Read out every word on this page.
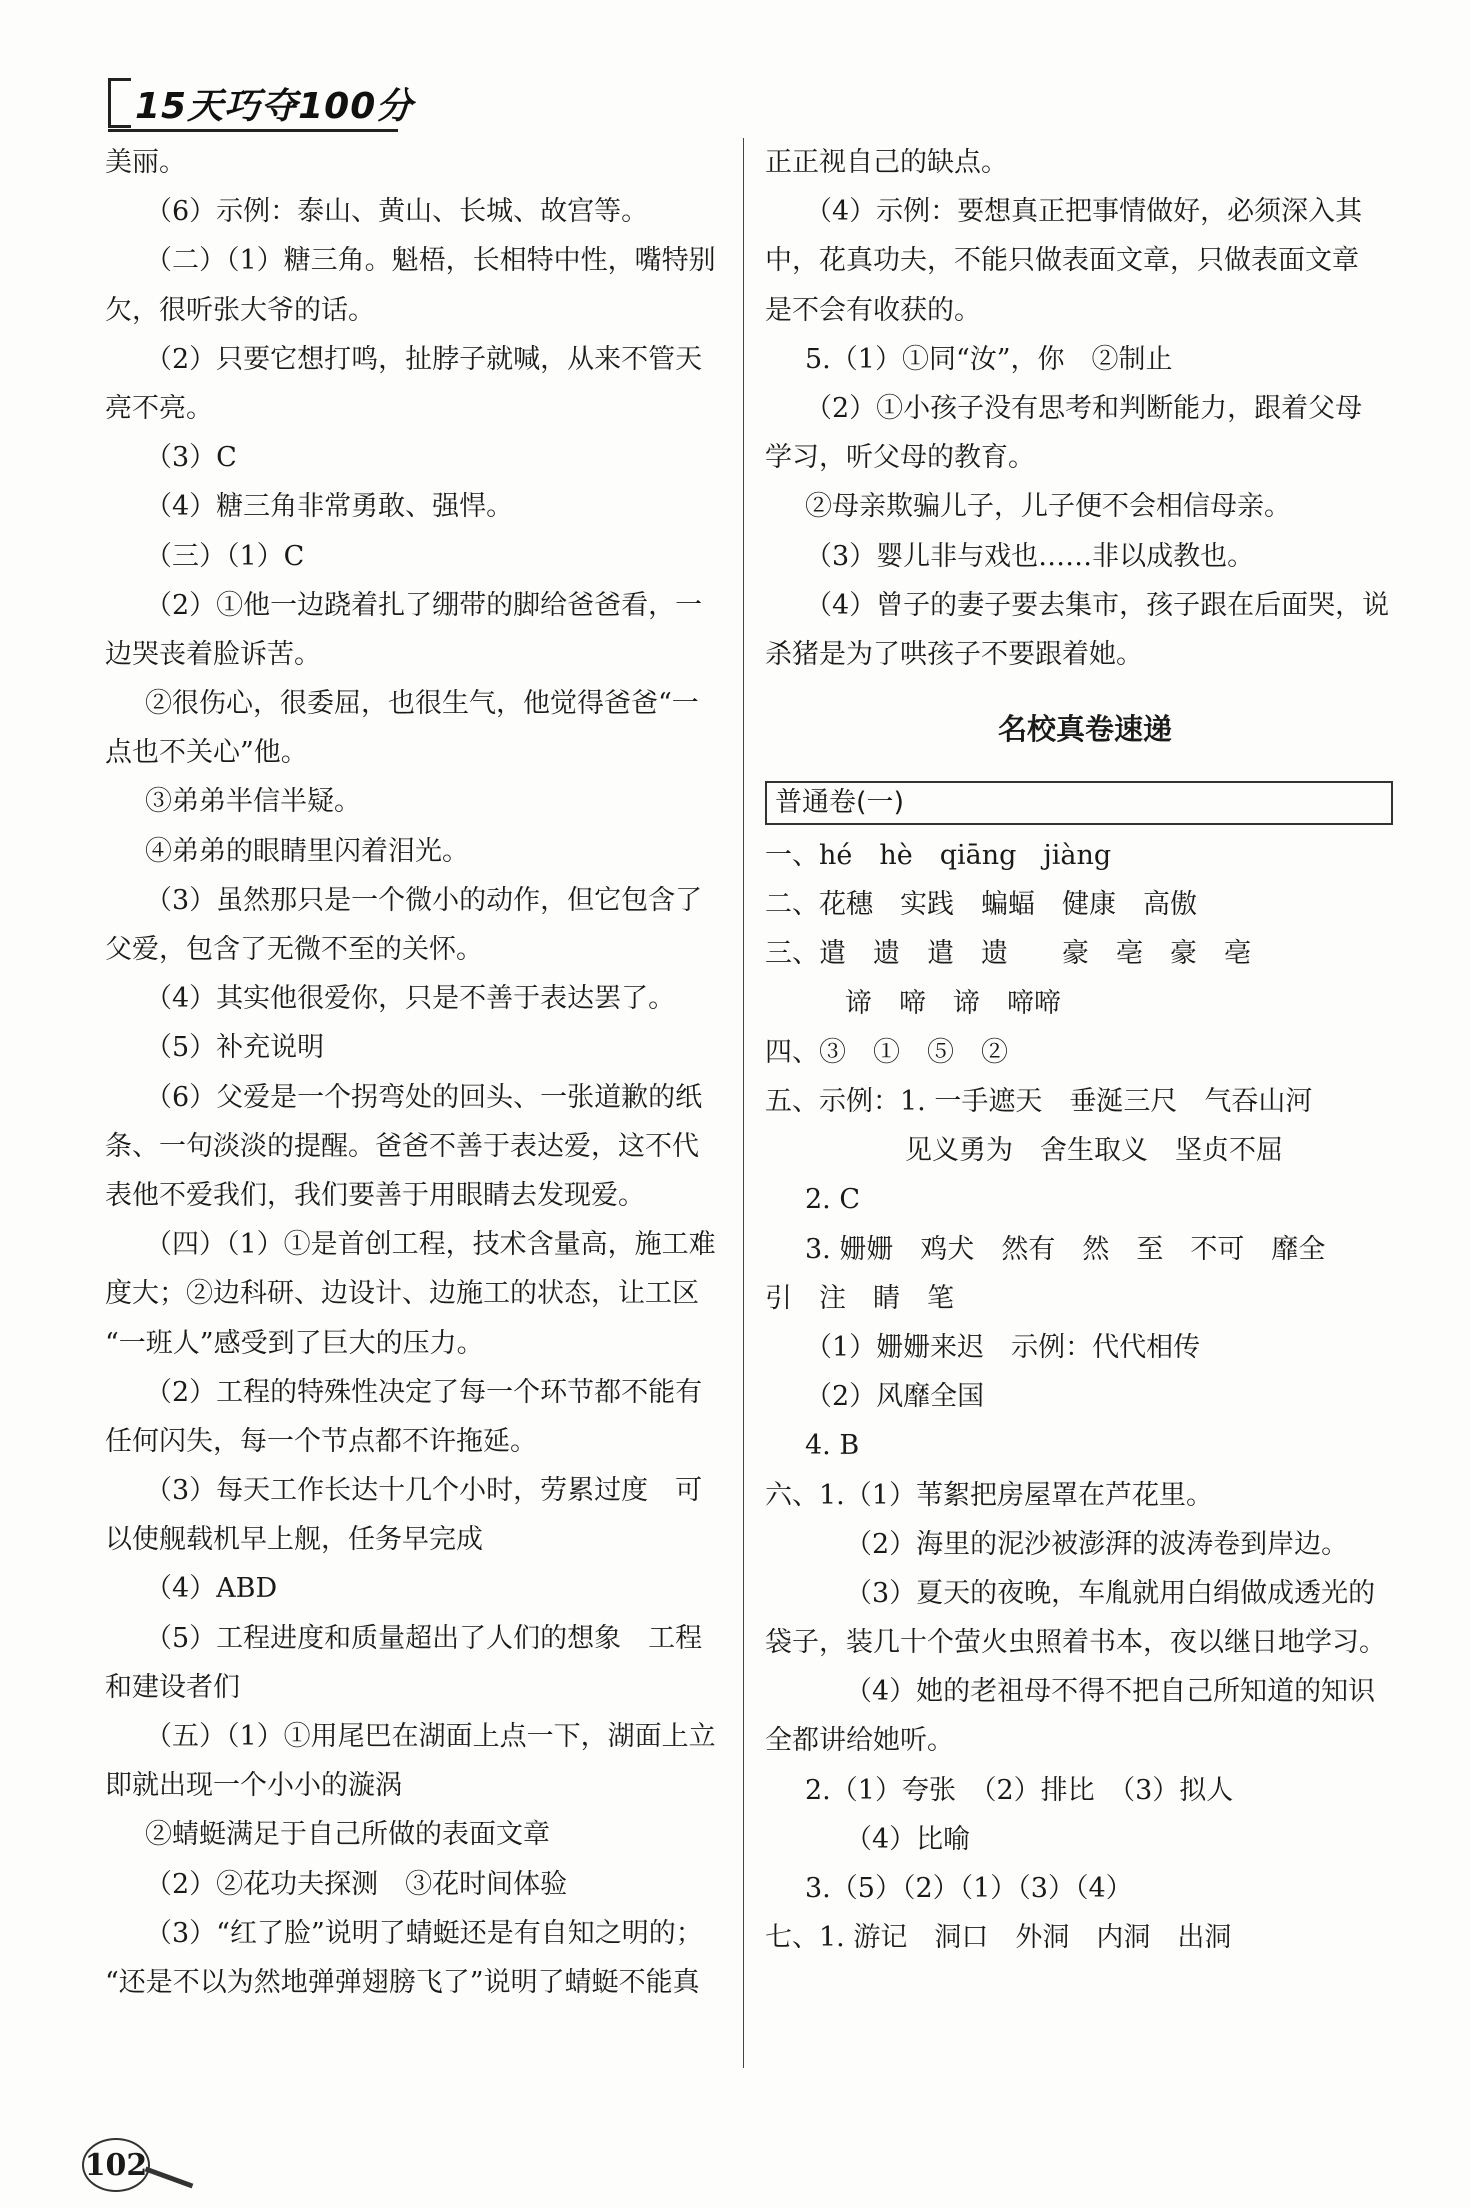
15天巧夺100分
美丽。
（6）示例：泰山、黄山、长城、故宫等。
（二）（1）糖三角。魁梧，长相特中性，嘴特别
欠，很听张大爷的话。
（2）只要它想打鸣，扯脖子就喊，从来不管天
亮不亮。
（3）C
（4）糖三角非常勇敢、强悍。
（三）（1）C
（2）①他一边跷着扎了绷带的脚给爸爸看，一
边哭丧着脸诉苦。
②很伤心，很委屈，也很生气，他觉得爸爸“一
点也不关心”他。
③弟弟半信半疑。
④弟弟的眼睛里闪着泪光。
（3）虽然那只是一个微小的动作，但它包含了
父爱，包含了无微不至的关怀。
（4）其实他很爱你，只是不善于表达罢了。
（5）补充说明
（6）父爱是一个拐弯处的回头、一张道歉的纸
条、一句淡淡的提醒。爸爸不善于表达爱，这不代
表他不爱我们，我们要善于用眼睛去发现爱。
（四）（1）①是首创工程，技术含量高，施工难
度大；②边科研、边设计、边施工的状态，让工区
“一班人”感受到了巨大的压力。
（2）工程的特殊性决定了每一个环节都不能有
任何闪失，每一个节点都不许拖延。
（3）每天工作长达十几个小时，劳累过度　可
以使舰载机早上舰，任务早完成
（4）ABD
（5）工程进度和质量超出了人们的想象　工程
和建设者们
（五）（1）①用尾巴在湖面上点一下，湖面上立
即就出现一个小小的漩涡
②蜻蜓满足于自己所做的表面文章
（2）②花功夫探测　③花时间体验
（3）“红了脸”说明了蜻蜓还是有自知之明的；
“还是不以为然地弹弹翅膀飞了”说明了蜻蜓不能真
正正视自己的缺点。
（4）示例：要想真正把事情做好，必须深入其
中，花真功夫，不能只做表面文章，只做表面文章
是不会有收获的。
5.（1）①同“汝”，你　②制止
（2）①小孩子没有思考和判断能力，跟着父母
学习，听父母的教育。
②母亲欺骗儿子，儿子便不会相信母亲。
（3）婴儿非与戏也……非以成教也。
（4）曾子的妻子要去集市，孩子跟在后面哭，说
杀猪是为了哄孩子不要跟着她。
名校真卷速递
普通卷(一)
一、hé　hè　qiāng　jiàng
二、花穗　实践　蝙蝠　健康　高傲
三、遣　遗　遣　遗　　豪　亳　豪　亳
谛　啼　谛　啼啼
四、③　①　⑤　②
五、示例：1. 一手遮天　垂涎三尺　气吞山河
见义勇为　舍生取义　坚贞不屈
2. C
3. 姗姗　鸡犬　然有　然　至　不可　靡全
引　注　睛　笔
（1）姗姗来迟　示例：代代相传
（2）风靡全国
4. B
六、1.（1）苇絮把房屋罩在芦花里。
（2）海里的泥沙被澎湃的波涛卷到岸边。
（3）夏天的夜晚，车胤就用白绢做成透光的
袋子，装几十个萤火虫照着书本，夜以继日地学习。
（4）她的老祖母不得不把自己所知道的知识
全都讲给她听。
2.（1）夸张　（2）排比　（3）拟人
（4）比喻
3.（5）（2）（1）（3）（4）
七、1. 游记　洞口　外洞　内洞　出洞
102
